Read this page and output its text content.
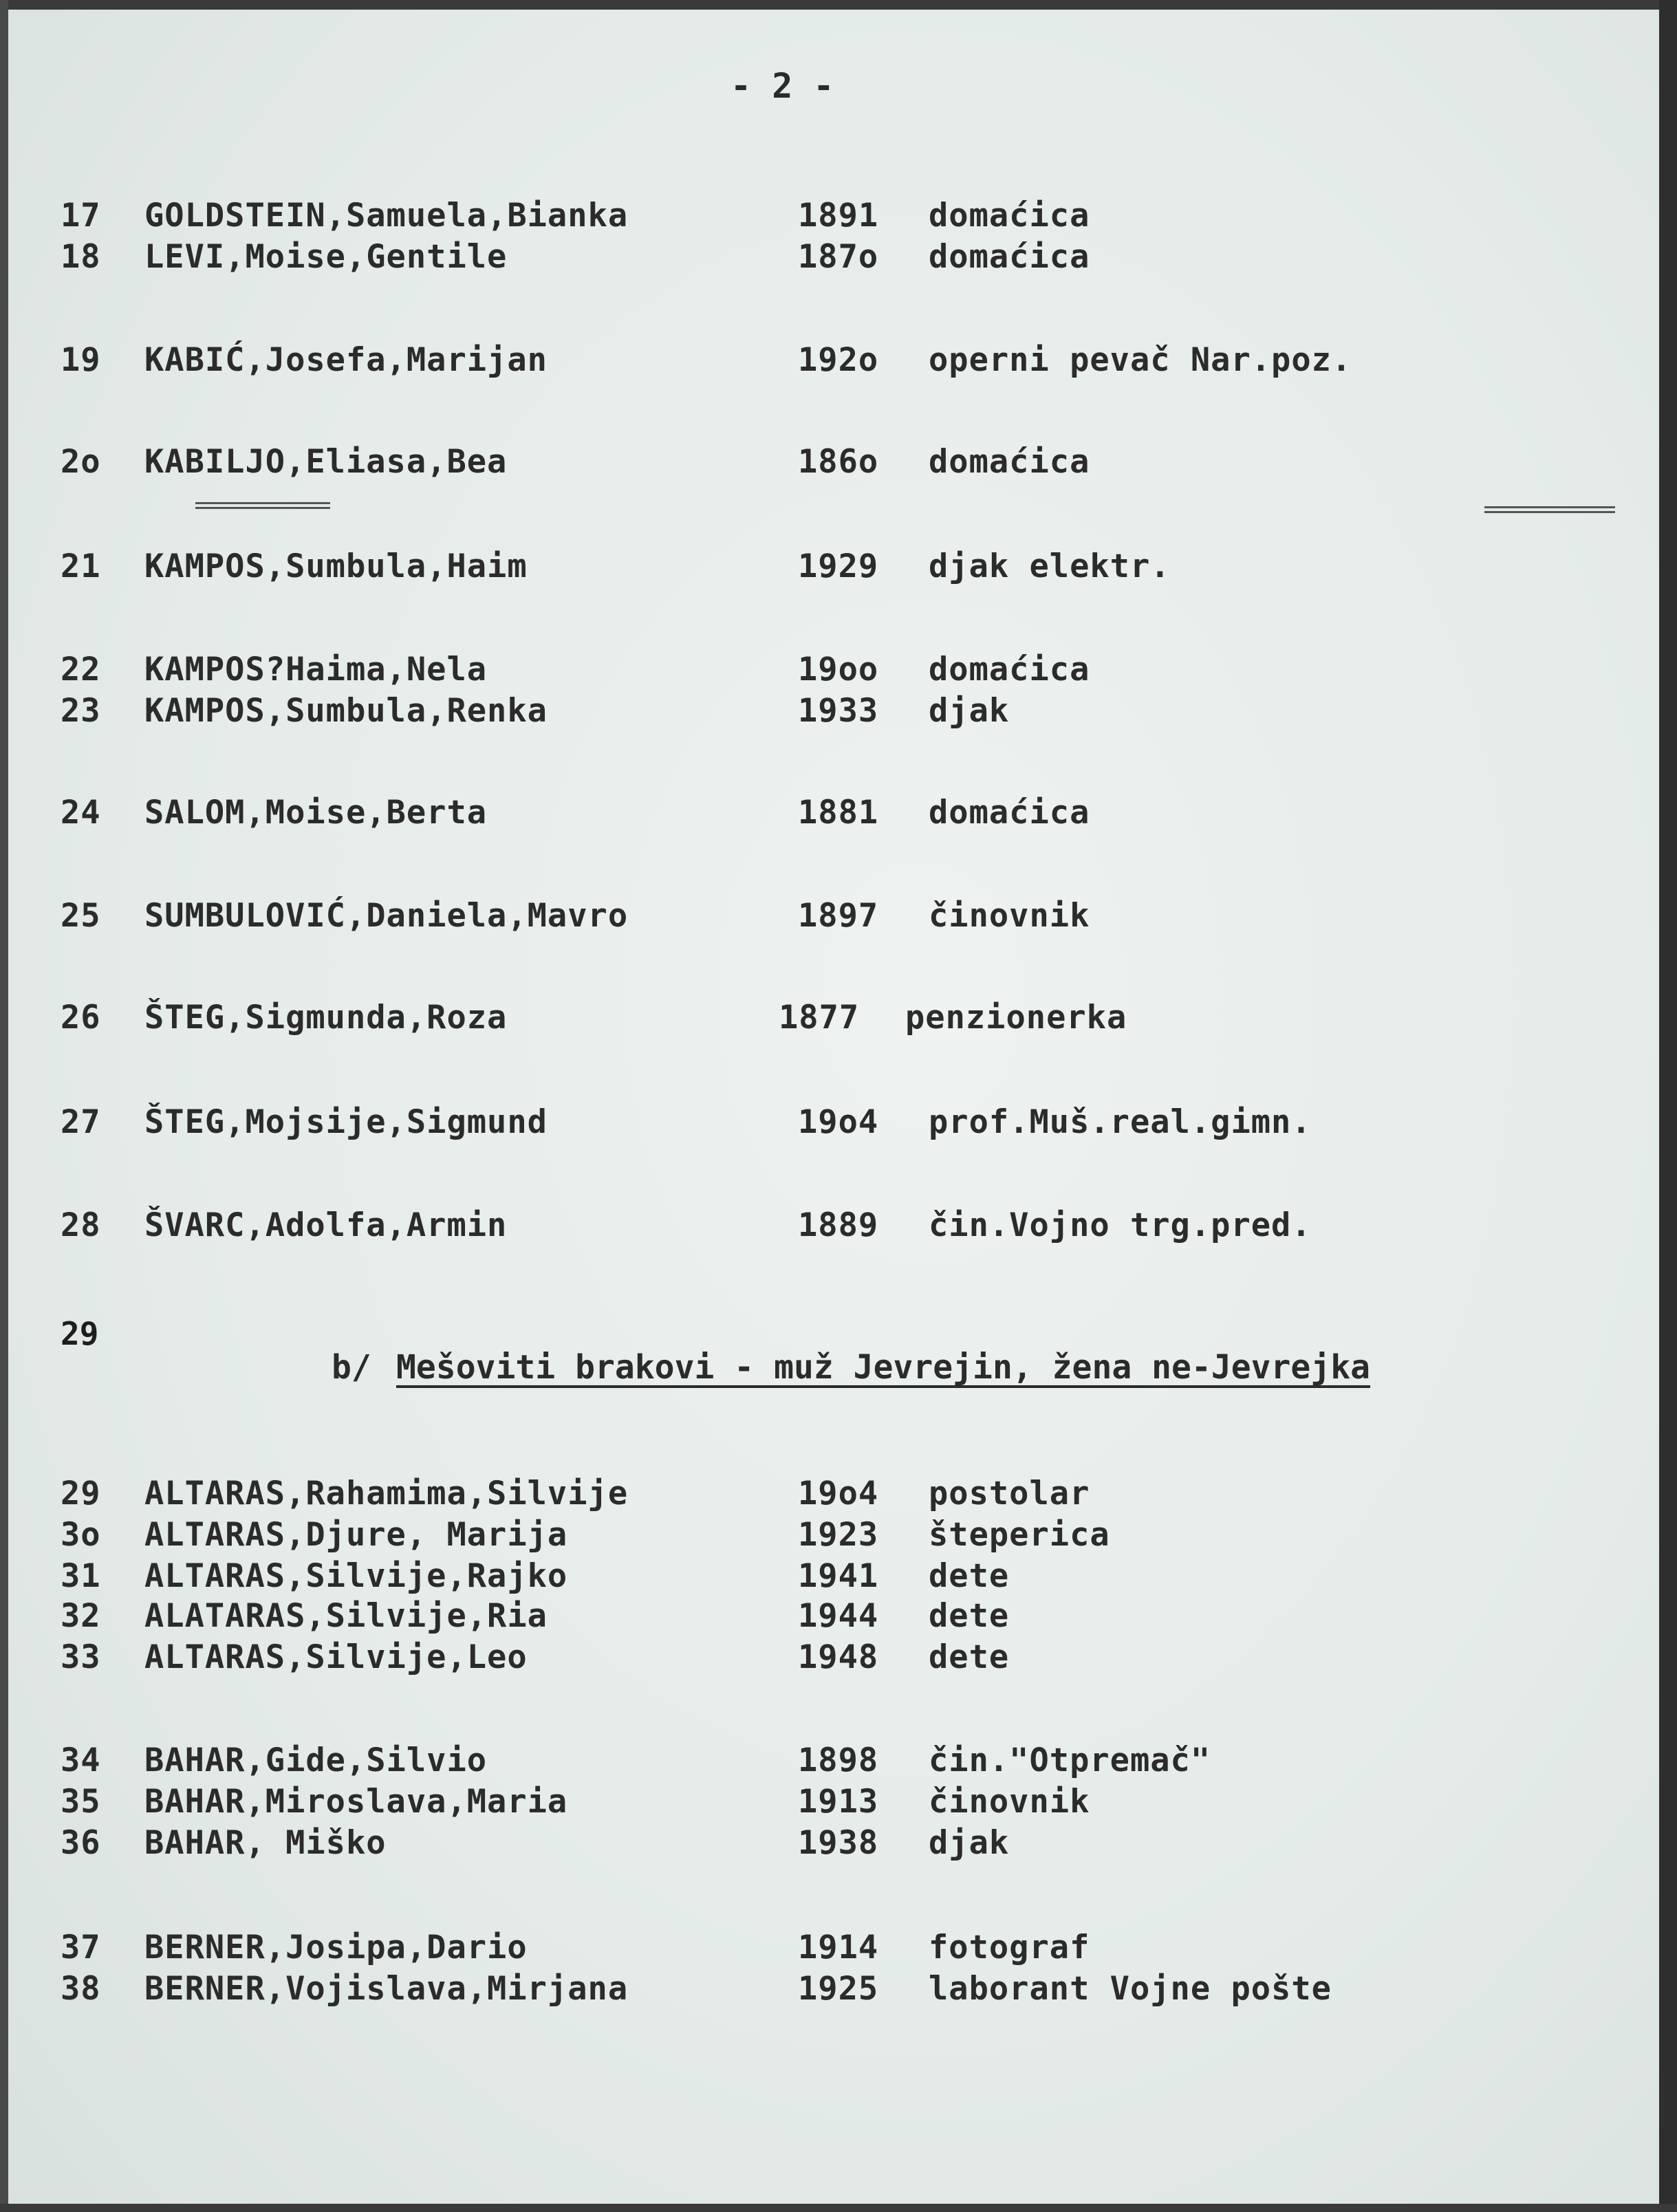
- 2 -
17 GOLDSTEIN,Samuela,Bianka	1891 domaćica
18 LEVI,Moise,Gentile	187o domaćica
19 KABIĆ,Josefa,Marijan	192o operni pevač Nar.poz.
2o KABILJO,Eliasa,Bea	186o domaćica
21 KAMPOS,Sumbula,Haim	1929 djak elektr.
22 KAMPOS?Haima,Nela	19oo domaćica
23 KAMPOS,Sumbula,Renka	1933 djak
24 SALOM,Moise,Berta	1881 domaćica
25 SUMBULOVIĆ,Daniela,Mavro	1897 činovnik
26 ŠTEG,Sigmunda,Roza	1877 penzionerka
27 ŠTEG,Mojsije,Sigmund	19o4 prof.Muš.real.gimn.
28 ŠVARC,Adolfa,Armin	1889 čin.Vojno trg.pred.
29
b/ Mešoviti brakovi - muž Jevrejin, žena ne-Jevrejka
29 ALTARAS,Rahamima,Silvije	19o4 postolar
3o ALTARAS,Djure, Marija	1923 šteperica
31 ALTARAS,Silvije,Rajko	1941 dete
32 ALATARAS,Silvije,Ria	1944 dete
33 ALTARAS,Silvije,Leo	1948 dete
34 BAHAR,Gide,Silvio	1898 čin."Otpremač"
35 BAHAR,Miroslava,Maria	1913 činovnik
36 BAHAR, Miško	1938 djak
37 BERNER,Josipa,Dario	1914 fotograf
38 BERNER,Vojislava,Mirjana	1925 laborant Vojne pošte
